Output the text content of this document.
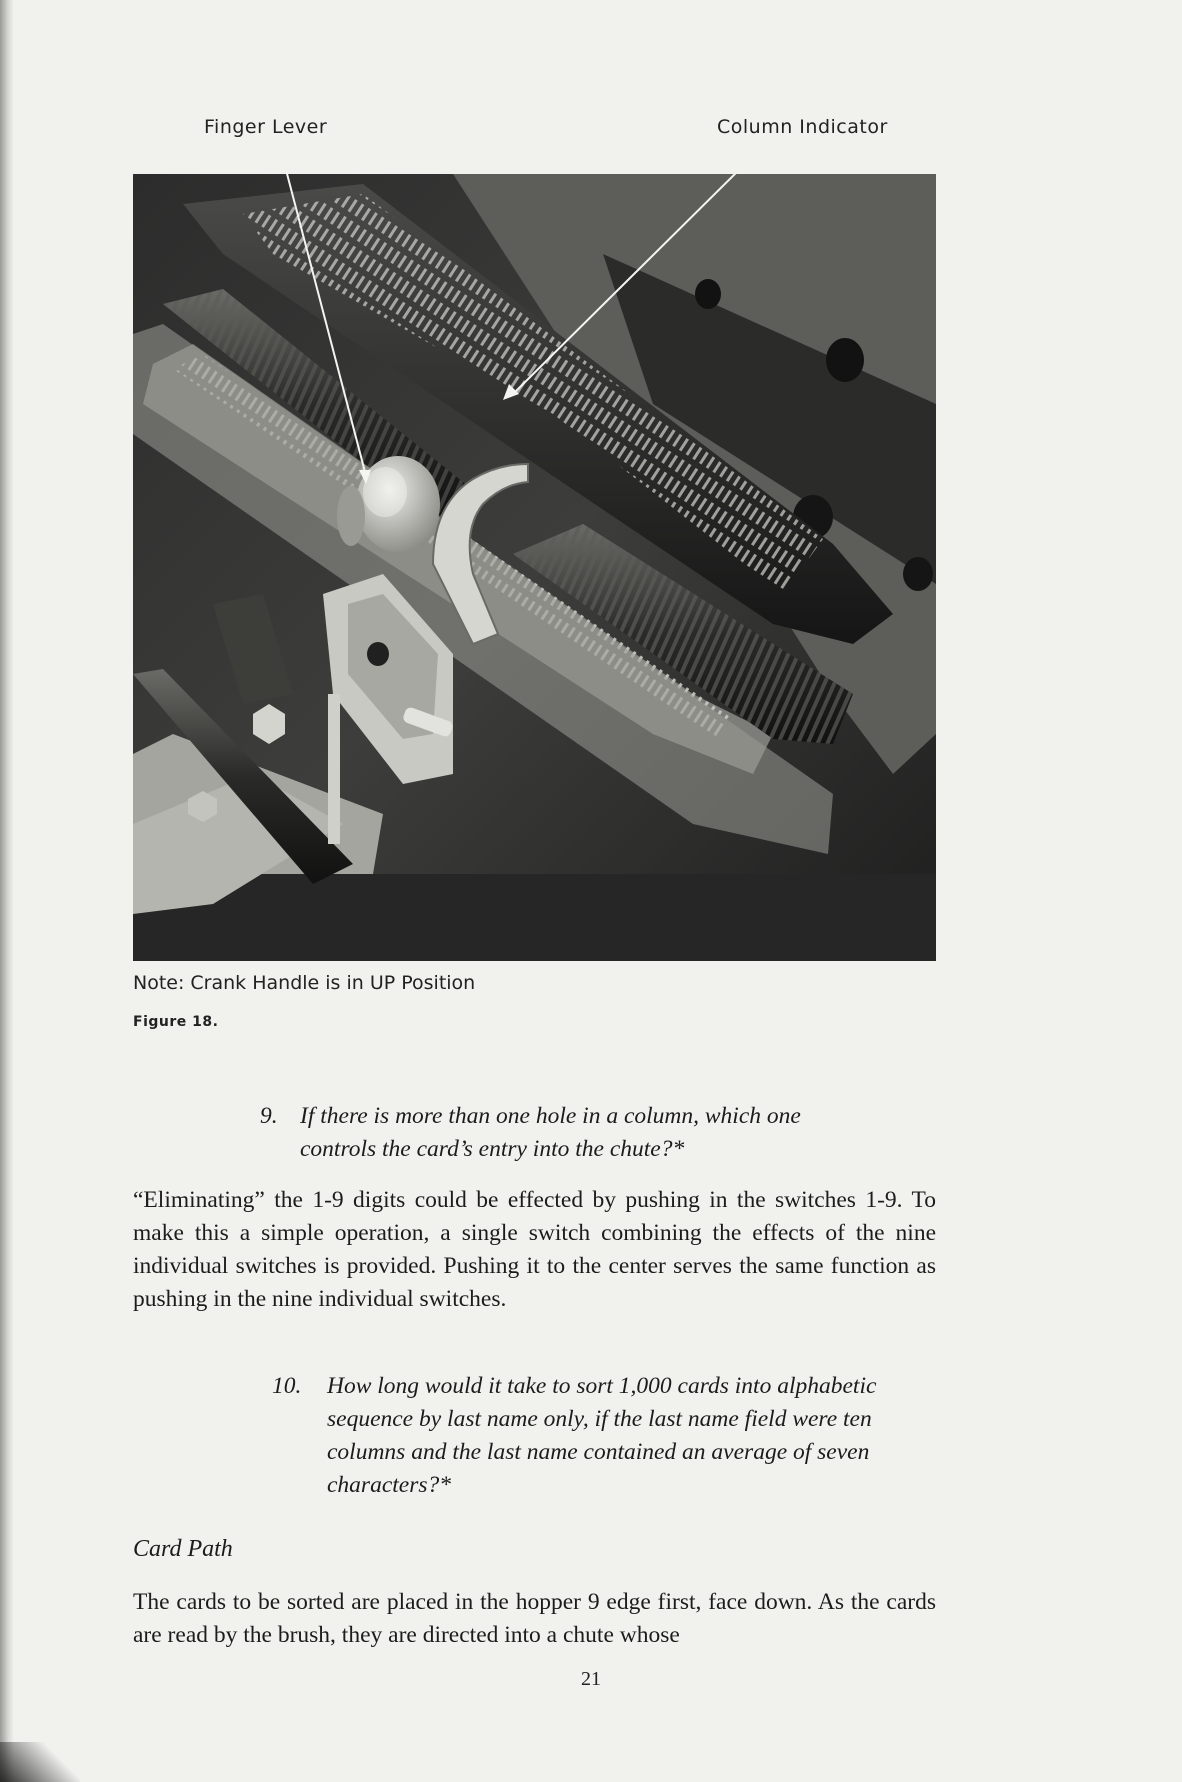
Finger Lever	Column Indicator
Note: Crank Handle is in UP Position
Figure 18.
9. If there is more than one hole in a column, which one
controls the card’s entry into the chute?*
“Eliminating” the 1-9 digits could be effected by pushing in the switches 1-9. To make this a simple operation, a single switch combining the effects of the nine individual switches is provided. Pushing it to the center serves the same function as pushing in the nine individual switches.
10. How long would it take to sort 1,000 cards into alphabetic sequence by last name only, if the last name field were ten columns and the last name contained an average of seven characters?*
Card Path
The cards to be sorted are placed in the hopper 9 edge first, face down. As the cards are read by the brush, they are directed into a chute whose
21
